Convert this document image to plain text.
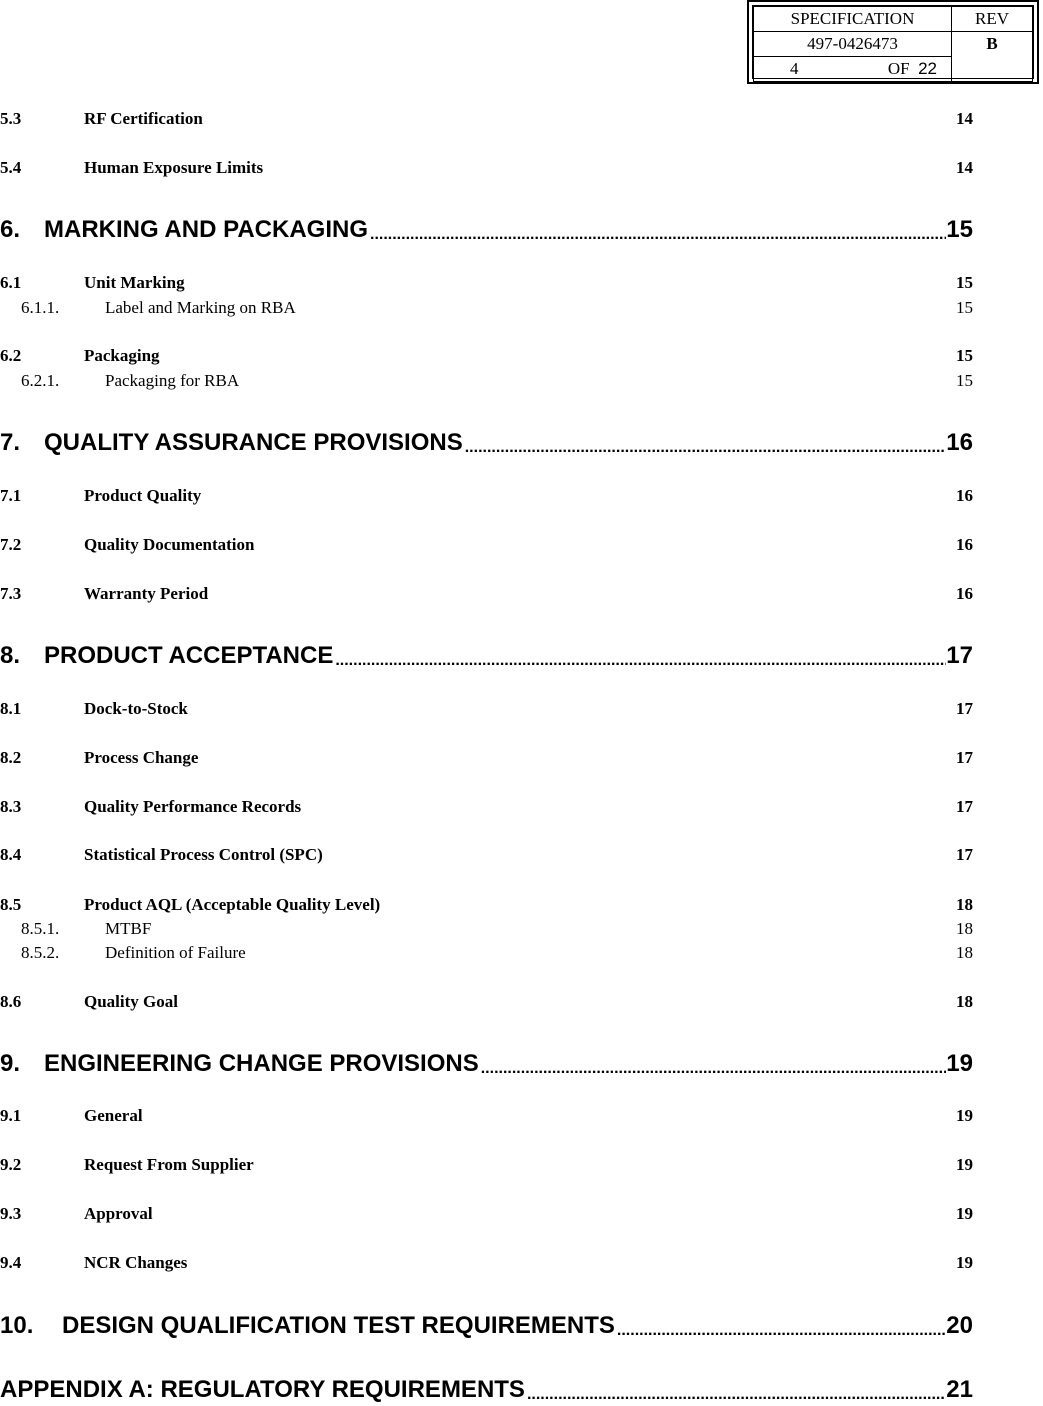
SPECIFICATION	REV
497-0426473	B

4 OF 22	
5.3	RF Certification	14
5.4	Human Exposure Limits	14
6. MARKING AND PACKAGING .....	15
6.1	Unit Marking	15
6.1.1.	Label and Marking on RBA	15
6.2	Packaging	15
6.2.1.	Packaging for RBA	15
7. QUALITY ASSURANCE PROVISIONS .....	16
7.1	Product Quality	16
7.2	Quality Documentation	16
7.3	Warranty Period	16
8. PRODUCT ACCEPTANCE .....	17
8.1	Dock-to-Stock	17
8.2	Process Change	17
8.3	Quality Performance Records	17
8.4	Statistical Process Control (SPC)	17
8.5	Product AQL (Acceptable Quality Level)	18
8.5.1.	MTBF	18
8.5.2.	Definition of Failure	18
8.6	Quality Goal	18
9. ENGINEERING CHANGE PROVISIONS .....	19
9.1	General	19
9.2	Request From Supplier	19
9.3	Approval	19
9.4	NCR Changes	19
10.	DESIGN QUALIFICATION TEST REQUIREMENTS .....	20
APPENDIX A: REGULATORY REQUIREMENTS .....	21
